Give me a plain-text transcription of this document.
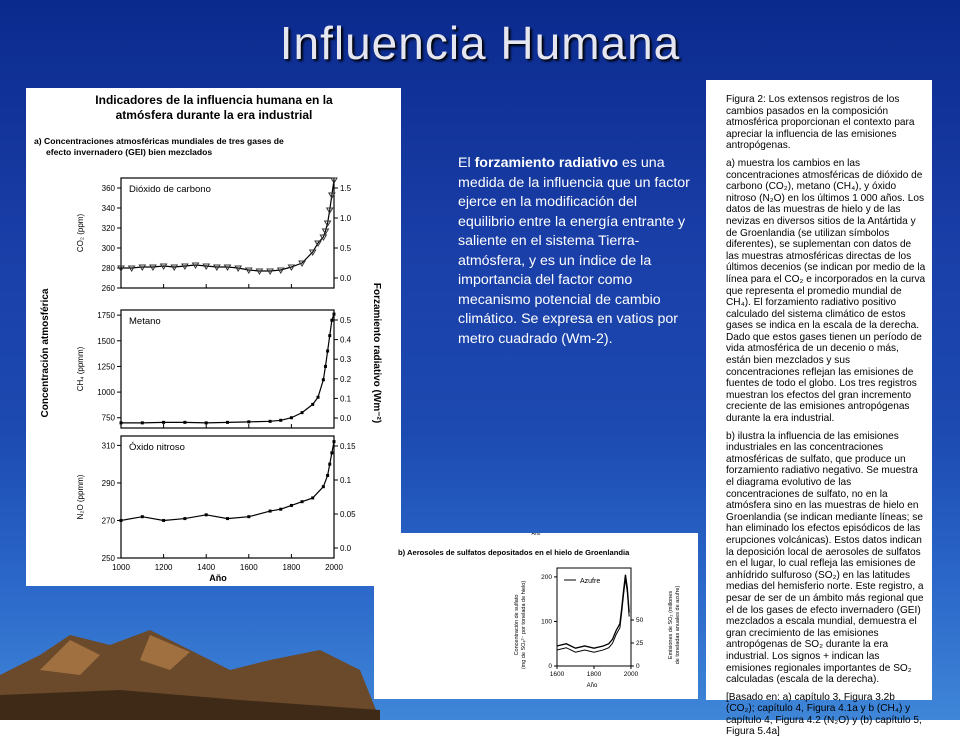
Influencia Humana
Indicadores de la influencia humana en la
atmósfera durante la era industrial
a) Concentraciones atmosféricas mundiales de tres gases de
efecto invernadero (GEI) bien mezclados
Concentración atmosférica	Forzamiento radiativo (Wm⁻²)
Año
Dióxido de carbono
CO₂ (ppm)
260
280
300
320
340
360
0.0
0.5
1.0
1.5
Metano
CH₄ (ppmm)
750
1000
1250
1500
1750
0.0
0.1
0.2
0.3
0.4
0.5
Óxido nitroso
N₂O (ppmm)
250
270
290
310
0.0
0.05
0.1
0.15
1000	1200	1400	1600	1800	2000
El forzamiento radiativo es una medida de la influencia que un factor ejerce en la modificación del equilibrio entre la energía entrante y saliente en el sistema Tierra-atmósfera, y es un índice de la importancia del factor como mecanismo potencial de cambio climático. Se expresa en vatios por metro cuadrado (Wm-2).

Figura 2: Los extensos registros de los cambios pasados en la composición atmosférica proporcionan el contexto para apreciar la influencia de las emisiones antropógenas.

a) muestra los cambios en las concentraciones atmosféricas de dióxido de carbono (CO₂), metano (CH₄), y óxido nitroso (N₂O) en los últimos 1 000 años. Los datos de las muestras de hielo y de las nevizas en diversos sitios de la Antártida y de Groenlandia (se utilizan símbolos diferentes), se suplementan con datos de las muestras atmosféricas directas de los últimos decenios (se indican por medio de la línea para el CO₂ e incorporados en la curva que representa el promedio mundial de CH₄). El forzamiento radiativo positivo calculado del sistema climático de estos gases se indica en la escala de la derecha. Dado que estos gases tienen un período de vida atmosférica de un decenio o más, están bien mezclados y sus concentraciones reflejan las emisiones de fuentes de todo el globo. Los tres registros muestran los efectos del gran incremento creciente de las emisiones antropógenas durante la era industrial.

b) ilustra la influencia de las emisiones industriales en las concentraciones atmosféricas de sulfato, que produce un forzamiento radiativo negativo. Se muestra el diagrama evolutivo de las concentraciones de sulfato, no en la atmósfera sino en las muestras de hielo en Groenlandia (se indican mediante líneas; se han eliminado los efectos episódicos de las erupciones volcánicas). Estos datos indican la deposición local de aerosoles de sulfatos en el lugar, lo cual refleja las emisiones de anhídrido sulfuroso (SO₂) en las latitudes medias del hemisferio norte. Este registro, a pesar de ser de un ámbito más regional que el de los gases de efecto invernadero (GEI) mezclados a escala mundial, demuestra el gran crecimiento de las emisiones antropógenas de SO₂ durante la era industrial. Los signos + indican las emisiones regionales importantes de SO₂ calculadas (escala de la derecha).

[Basado en: a) capítulo 3, Figura 3.2b (CO₂); capítulo 4, Figura 4.1a y b (CH₄) y capítulo 4, Figura 4.2 (N₂O) y (b) capítulo 5, Figura 5.4a]

Año
b) Aerosoles de sulfatos depositados en el hielo de Groenlandia
Concentración de sulfato (mg de SO₄²⁻ por tonelada de hielo)	Emisiones de SO₂ (millones de toneladas anuales de azufre)
Año
Azufre
0
100
200
0
25
50
1600	1800	2000
